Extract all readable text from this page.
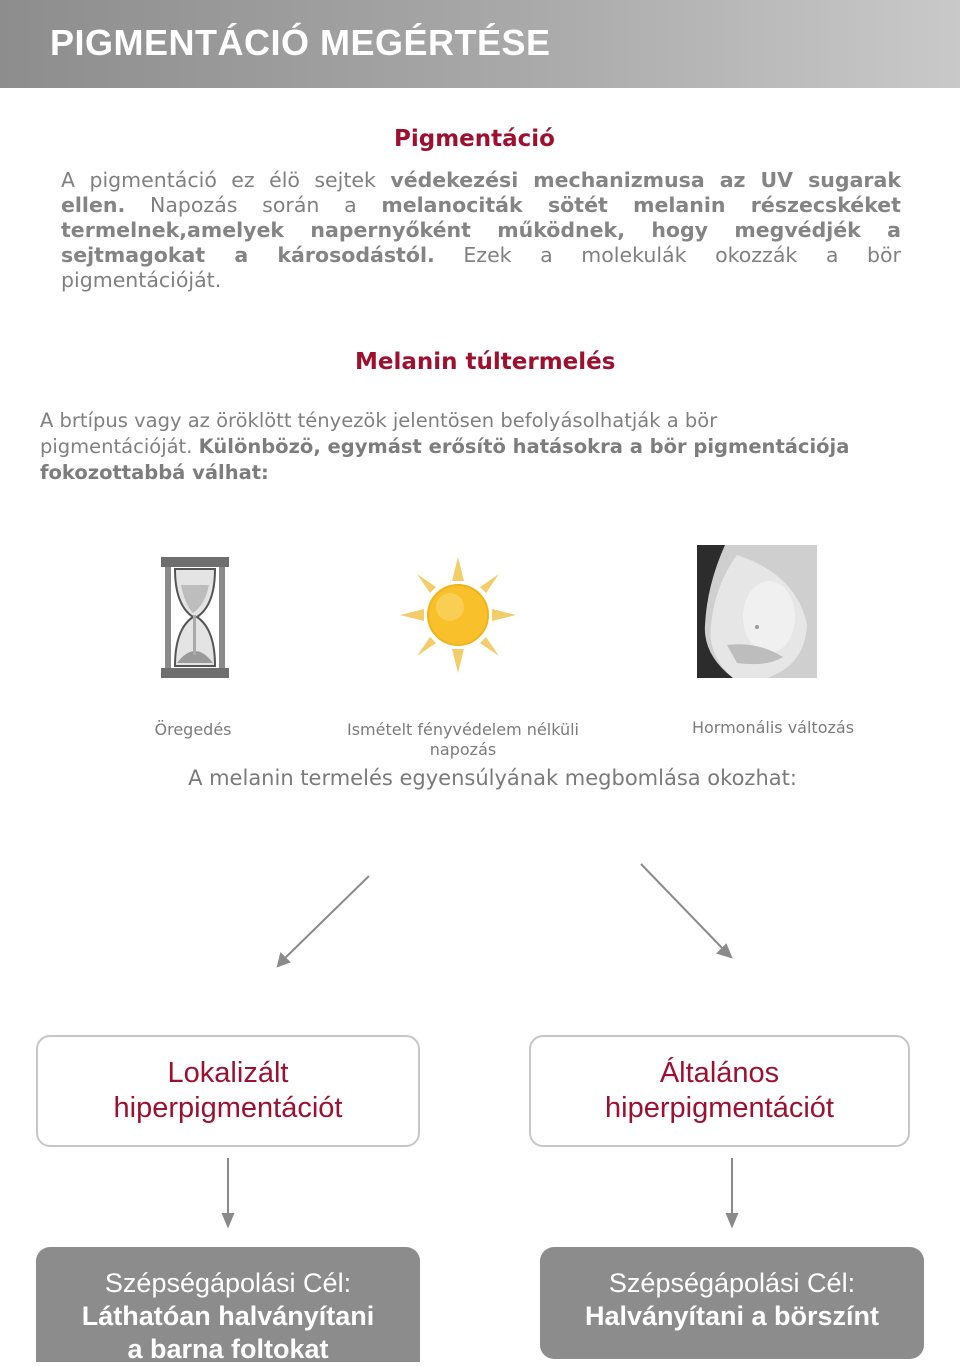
PIGMENTÁCIÓ MEGÉRTÉSE
Pigmentáció
A pigmentáció ez élö sejtek védekezési mechanizmusa az UV sugarak
ellen. Napozás során a melanociták sötét melanin részecskéket
termelnek,amelyek napernyőként működnek, hogy megvédjék a
sejtmagokat a károsodástól. Ezek a molekulák okozzák a bör
pigmentációját.
Melanin túltermelés
A brtípus vagy az öröklött tényezök jelentösen befolyásolhatják a bör
pigmentációját. Különbözö, egymást erősítö hatásokra a bör pigmentációja
fokozottabbá válhat:
Öregedés	Ismételt fényvédelem nélküli
napozás
Hormonális változás
A melanin termelés egyensúlyának megbomlása okozhat:
Lokalizált
hiperpigmentációt
Általános
hiperpigmentációt
Szépségápolási Cél:
Láthatóan halványítani
a barna foltokat
Szépségápolási Cél:
Halványítani a börszínt
